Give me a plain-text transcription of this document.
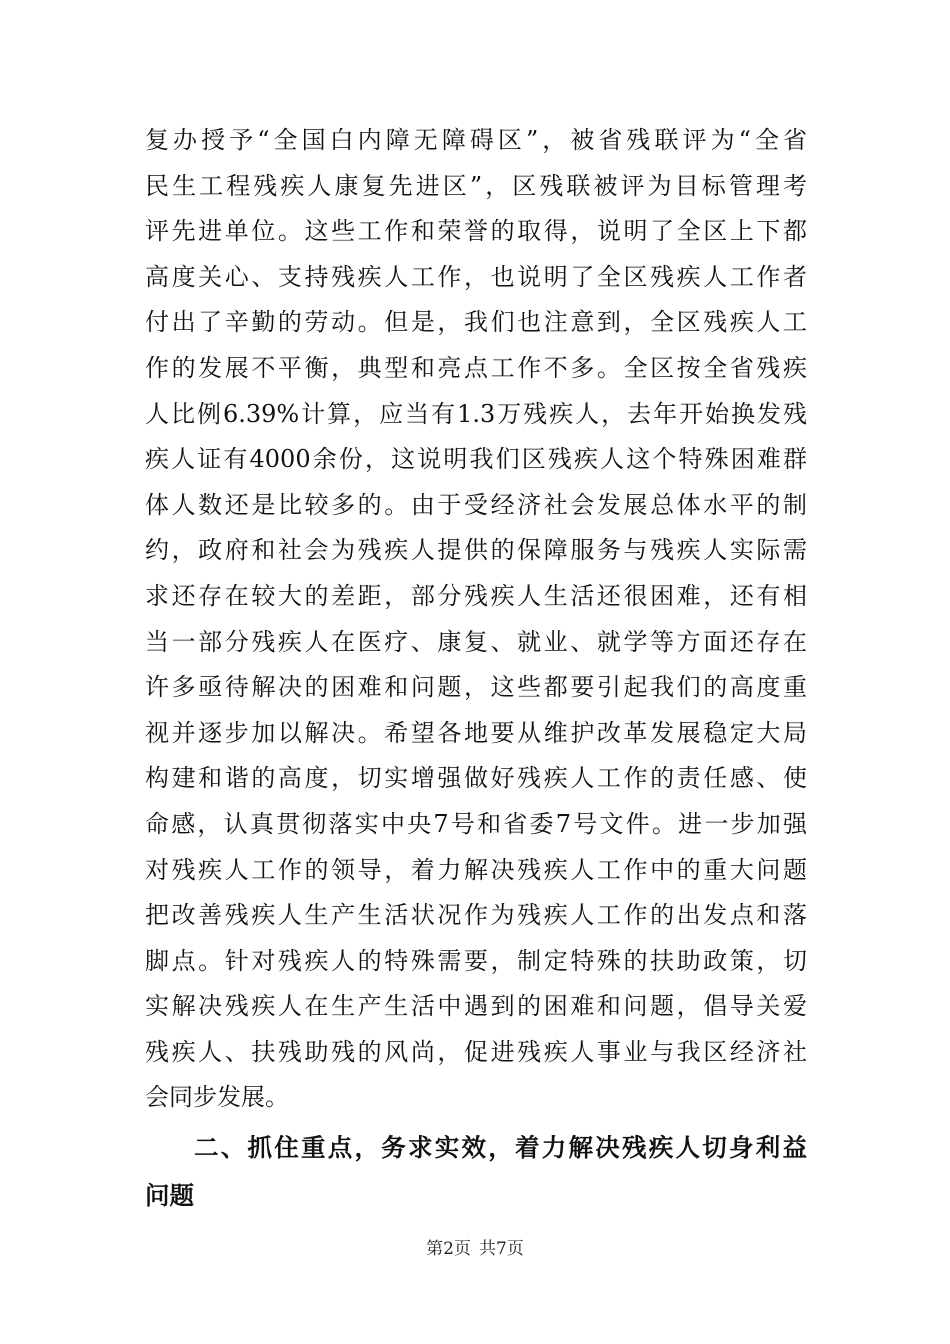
复办授予“全国白内障无障碍区”，被省残联评为“全省
民生工程残疾人康复先进区”，区残联被评为目标管理考
评先进单位。这些工作和荣誉的取得，说明了全区上下都
高度关心、支持残疾人工作，也说明了全区残疾人工作者
付出了辛勤的劳动。但是，我们也注意到，全区残疾人工
作的发展不平衡，典型和亮点工作不多。全区按全省残疾
人比例6.39%计算，应当有1.3万残疾人，去年开始换发残
疾人证有4000余份，这说明我们区残疾人这个特殊困难群
体人数还是比较多的。由于受经济社会发展总体水平的制
约，政府和社会为残疾人提供的保障服务与残疾人实际需
求还存在较大的差距，部分残疾人生活还很困难，还有相
当一部分残疾人在医疗、康复、就业、就学等方面还存在
许多亟待解决的困难和问题，这些都要引起我们的高度重
视并逐步加以解决。希望各地要从维护改革发展稳定大局
构建和谐的高度，切实增强做好残疾人工作的责任感、使
命感，认真贯彻落实中央7号和省委7号文件。进一步加强
对残疾人工作的领导，着力解决残疾人工作中的重大问题
把改善残疾人生产生活状况作为残疾人工作的出发点和落
脚点。针对残疾人的特殊需要，制定特殊的扶助政策，切
实解决残疾人在生产生活中遇到的困难和问题，倡导关爱
残疾人、扶残助残的风尚，促进残疾人事业与我区经济社
会同步发展。
二、抓住重点，务求实效，着力解决残疾人切身利益
问题
第2页 共7页
